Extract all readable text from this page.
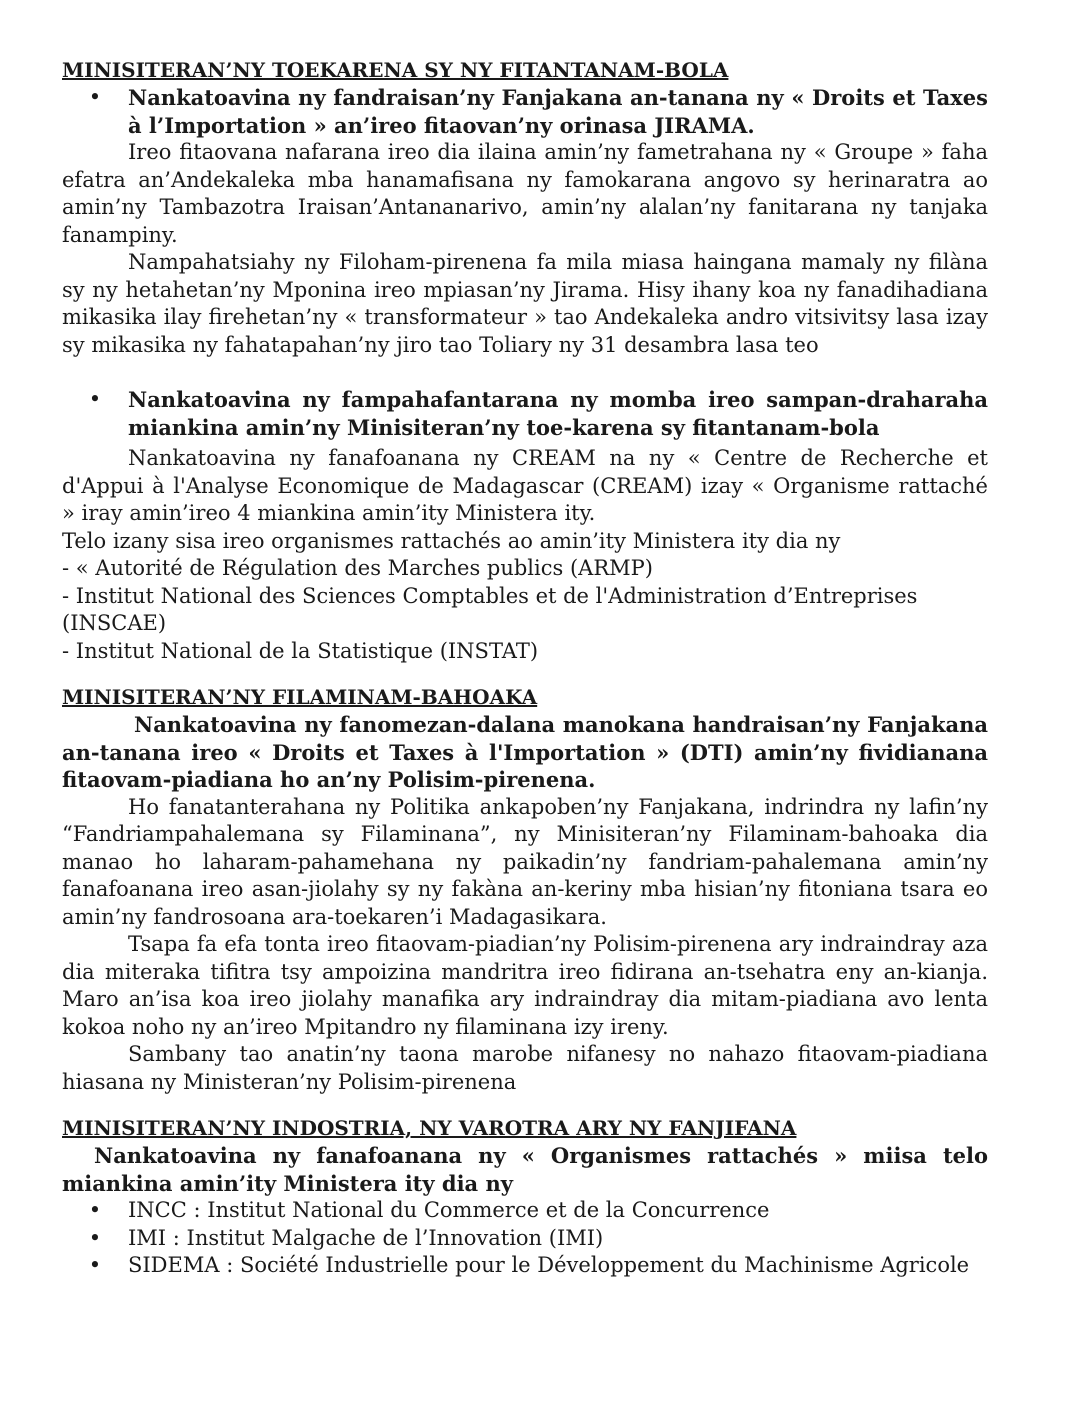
MINISITERAN’NY TOEKARENA SY NY FITANTANAM-BOLA
•	Nankatoavina ny fandraisan’ny Fanjakana an-tanana ny « Droits et Taxes à l’Importation » an’ireo fitaovan’ny orinasa JIRAMA.

Ireo fitaovana nafarana ireo dia ilaina amin’ny fametrahana ny « Groupe » faha efatra an’Andekaleka mba hanamafisana ny famokarana angovo sy herinaratra ao amin’ny Tambazotra Iraisan’Antananarivo, amin’ny alalan’ny fanitarana ny tanjaka fanampiny.

Nampahatsiahy ny Filoham-pirenena fa mila miasa haingana mamaly ny filàna sy ny hetahetan’ny Mponina ireo mpiasan’ny Jirama. Hisy ihany koa ny fanadihadiana mikasika ilay firehetan’ny « transformateur » tao Andekaleka andro vitsivitsy lasa izay sy mikasika ny fahatapahan’ny jiro tao Toliary ny 31 desambra lasa teo

•	Nankatoavina ny fampahafantarana ny momba ireo sampan-draharaha miankina amin’ny Minisiteran’ny toe-karena sy fitantanam-bola

Nankatoavina ny fanafoanana ny CREAM na ny « Centre de Recherche et d'Appui à l'Analyse Economique de Madagascar (CREAM) izay « Organisme rattaché » iray amin’ireo 4 miankina amin’ity Ministera ity.

Telo izany sisa ireo organismes rattachés ao amin’ity Ministera ity dia ny

- « Autorité de Régulation des Marches publics (ARMP)

- Institut National des Sciences Comptables et de l'Administration d’Entreprises (INSCAE)

- Institut National de la Statistique (INSTAT)

MINISITERAN’NY FILAMINAM-BAHOAKA

Nankatoavina ny fanomezan-dalana manokana handraisan’ny Fanjakana an-tanana ireo « Droits et Taxes à l'Importation » (DTI) amin’ny fividianana fitaovam-piadiana ho an’ny Polisim-pirenena.

Ho fanatanterahana ny Politika ankapoben’ny Fanjakana, indrindra ny lafin’ny “Fandriampahalemana sy Filaminana”, ny Minisiteran’ny Filaminam-bahoaka dia manao ho laharam-pahamehana ny paikadin’ny fandriam-pahalemana amin’ny fanafoanana ireo asan-jiolahy sy ny fakàna an-keriny mba hisian’ny fitoniana tsara eo amin’ny fandrosoana ara-toekaren’i Madagasikara.

Tsapa fa efa tonta ireo fitaovam-piadian’ny Polisim-pirenena ary indraindray aza dia miteraka tifitra tsy ampoizina mandritra ireo fidirana an-tsehatra eny an-kianja. Maro an’isa koa ireo jiolahy manafika ary indraindray dia mitam-piadiana avo lenta kokoa noho ny an’ireo Mpitandro ny filaminana izy ireny.

Sambany tao anatin’ny taona marobe nifanesy no nahazo fitaovam-piadiana hiasana ny Ministeran’ny Polisim-pirenena

MINISITERAN’NY INDOSTRIA, NY VAROTRA ARY NY FANJIFANA

Nankatoavina ny fanafoanana ny « Organismes rattachés » miisa telo miankina amin’ity Ministera ity dia ny

•	INCC : Institut National du Commerce et de la Concurrence
•	IMI : Institut Malgache de l’Innovation (IMI)
•	SIDEMA : Société Industrielle pour le Développement du Machinisme Agricole
